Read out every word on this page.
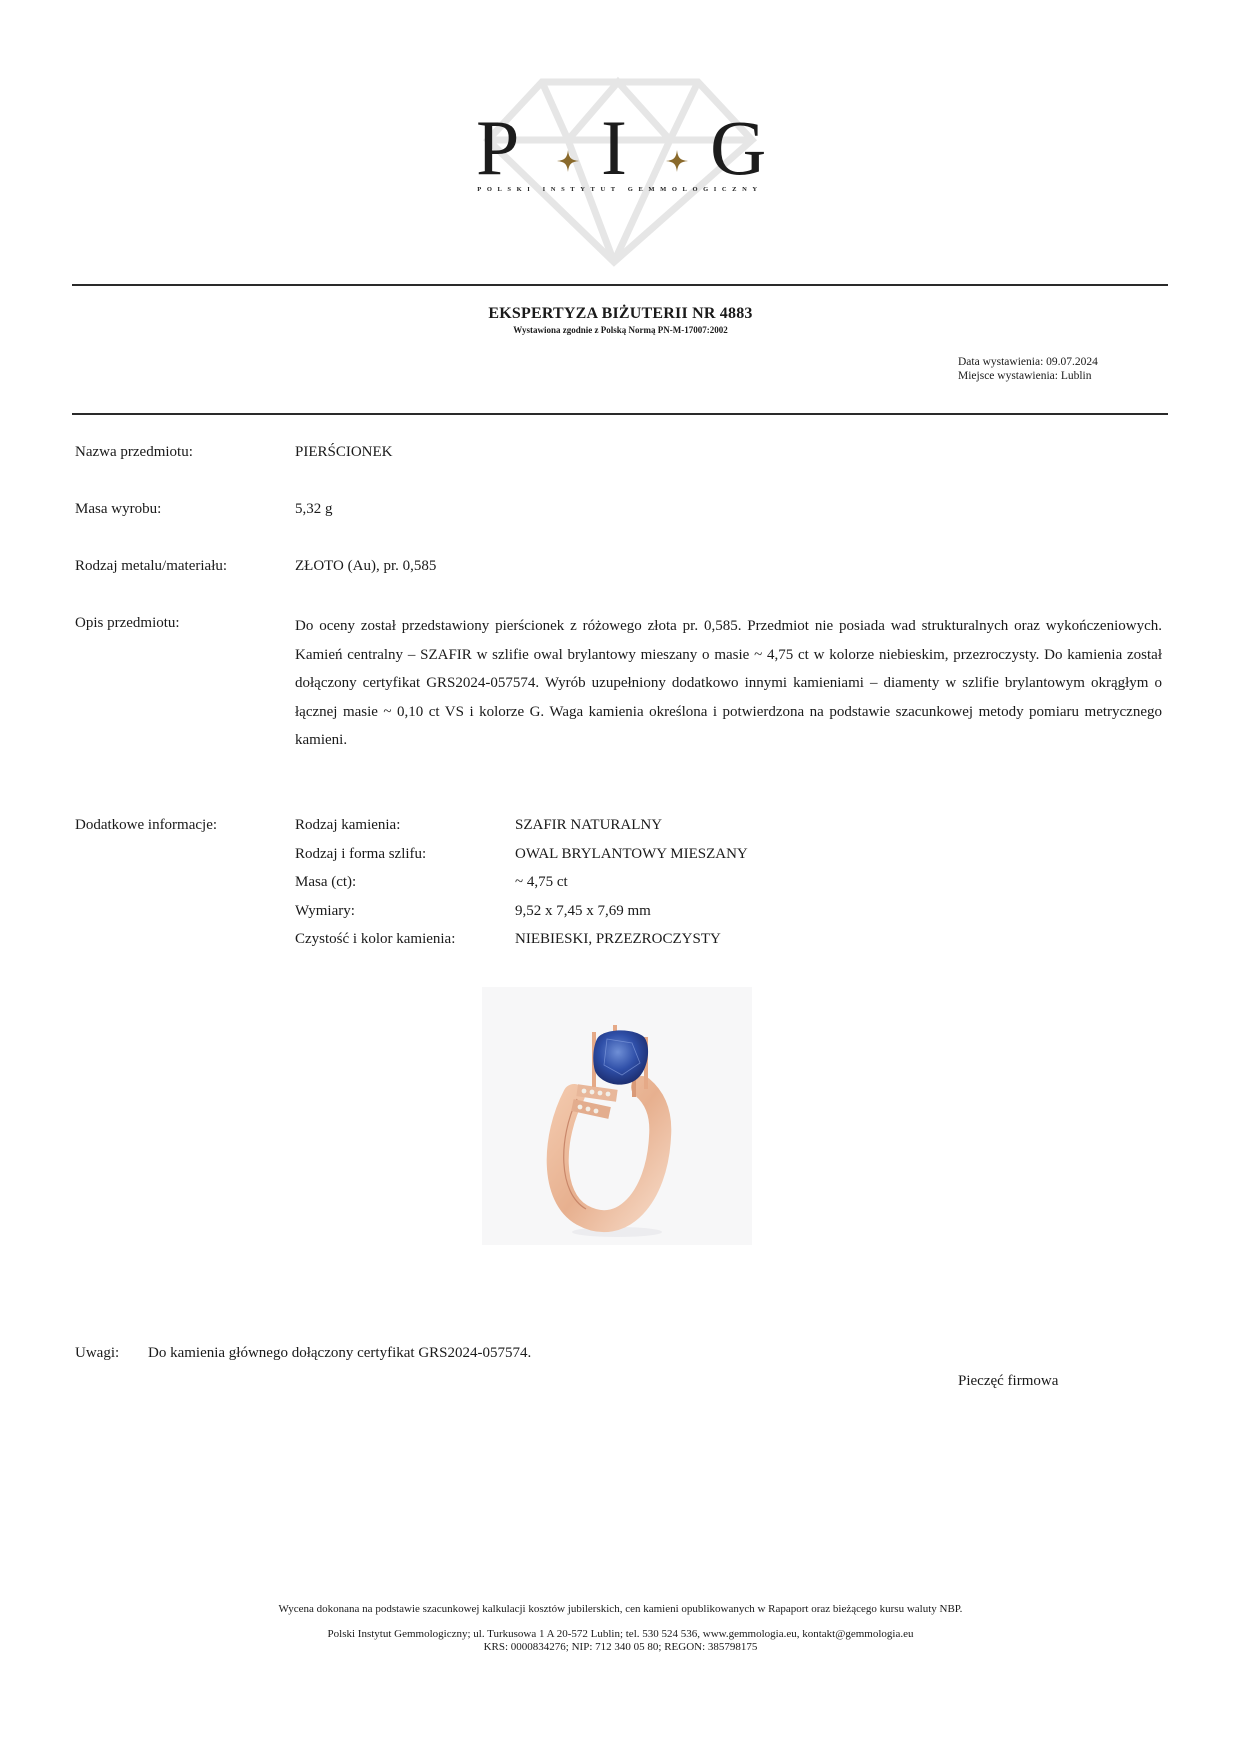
P I G
POLSKI INSTYTUT GEMMOLOGICZNY
EKSPERTYZA BIŻUTERII NR 4883
Wystawiona zgodnie z Polską Normą PN-M-17007:2002
Data wystawienia: 09.07.2024
Miejsce wystawienia: Lublin
Nazwa przedmiotu:	PIERŚCIONEK
Masa wyrobu:	5,32 g
Rodzaj metalu/materiału:	ZŁOTO (Au), pr. 0,585
Opis przedmiotu:	Do oceny został przedstawiony pierścionek z różowego złota pr. 0,585. Przedmiot nie posiada wad strukturalnych oraz wykończeniowych. Kamień centralny – SZAFIR w szlifie owal brylantowy mieszany o masie ~ 4,75 ct w kolorze niebieskim, przezroczysty. Do kamienia został dołączony certyfikat GRS2024-057574. Wyrób uzupełniony dodatkowo innymi kamieniami – diamenty w szlifie brylantowym okrągłym o łącznej masie ~ 0,10 ct VS i kolorze G. Waga kamienia określona i potwierdzona na podstawie szacunkowej metody pomiaru metrycznego kamieni.
Dodatkowe informacje:	Rodzaj kamienia:	SZAFIR NATURALNY
Rodzaj i forma szlifu:	OWAL BRYLANTOWY MIESZANY
Masa (ct):	~ 4,75 ct
Wymiary:	9,52 x 7,45 x 7,69 mm
Czystość i kolor kamienia:	NIEBIESKI, PRZEZROCZYSTY
Uwagi: Do kamienia głównego dołączony certyfikat GRS2024-057574.
Pieczęć firmowa
Wycena dokonana na podstawie szacunkowej kalkulacji kosztów jubilerskich, cen kamieni opublikowanych w Rapaport oraz bieżącego kursu waluty NBP.
Polski Instytut Gemmologiczny; ul. Turkusowa 1 A 20-572 Lublin; tel. 530 524 536, www.gemmologia.eu, kontakt@gemmologia.eu
KRS: 0000834276; NIP: 712 340 05 80; REGON: 385798175
